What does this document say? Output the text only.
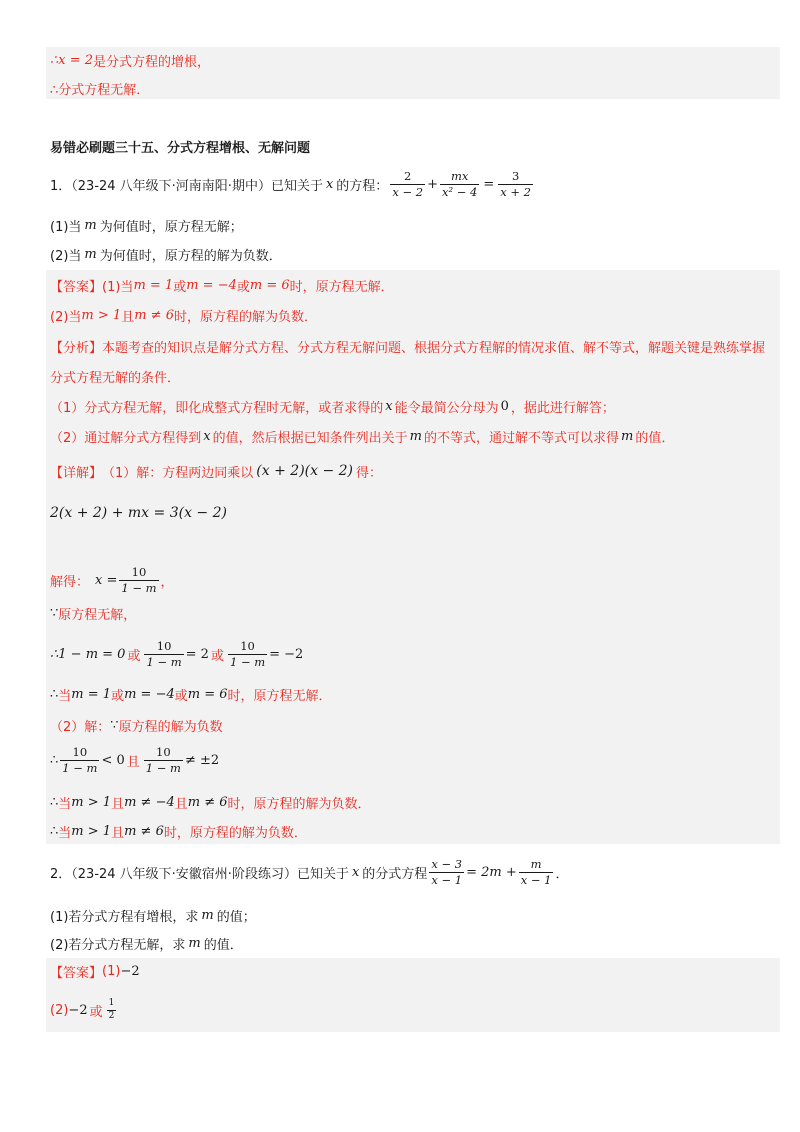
∴x = 2 是分式方程的增根，
∴分式方程无解．
易错必刷题三十五、分式方程增根、无解问题
1．（23-24 八年级下·河南南阳·期中）已知关于 x 的方程： $\frac{2}{x - 2} + \frac{mx}{\text{x² − 4}} = \frac{3}{x + 2}$
(1)当 m 为何值时，原方程无解；
(2)当 m 为何值时，原方程的解为负数．
【答案】 (1)当 m = 1 或 m = −4 或 m = 6 时，原方程无解．
(2)当 m > 1 且 m ≠ 6 时，原方程的解为负数．
【分析】本题考查的知识点是解分式方程、分式方程无解问题、根据分式方程解的情况求值、解不等式，解题关键是熟练掌握分式方程无解的条件．
（1）分式方程无解，即化成整式方程时无解，或者求得的 x 能令最简公分母为 0 ，据此进行解答；
（2）通过解分式方程得到 x 的值，然后根据已知条件列出关于 m 的不等式，通过解不等式可以求得 m 的值．
【详解】 （1）解：方程两边同乘以 (x + 2)(x − 2) 得：
2(x + 2) + mx = 3(x − 2)
解得： $x = \frac{10}{1 - m}$ ，
∵ 原方程无解，
∴1 − m = 0 或 $\frac{10}{1 - m} = 2$ 或 $\frac{10}{1 - m} = -2$
∴ 当 m = 1 或 m = −4 或 m = 6 时，原方程无解．
（2）解： ∵ 原方程的解为负数
∴ $\frac{10}{1 - m} < 0$ 且 $\frac{10}{1 - m} \ne \pm 2$
∴ 当 m > 1 且 m ≠ −4 且 m ≠ 6 时，原方程的解为负数．
∴ 当 m > 1 且 m ≠ 6 时，原方程的解为负数．
2．（23-24 八年级下·安徽宿州·阶段练习）已知关于 x 的分式方程 $\frac{x - 3}{x - 1} = 2m + \frac{m}{x - 1}$ ．
(1)若分式方程有增根，求 m 的值；
(2)若分式方程无解，求 m 的值．
【答案】 (1) −2
(2) −2 或 $\frac{1}{2}$
